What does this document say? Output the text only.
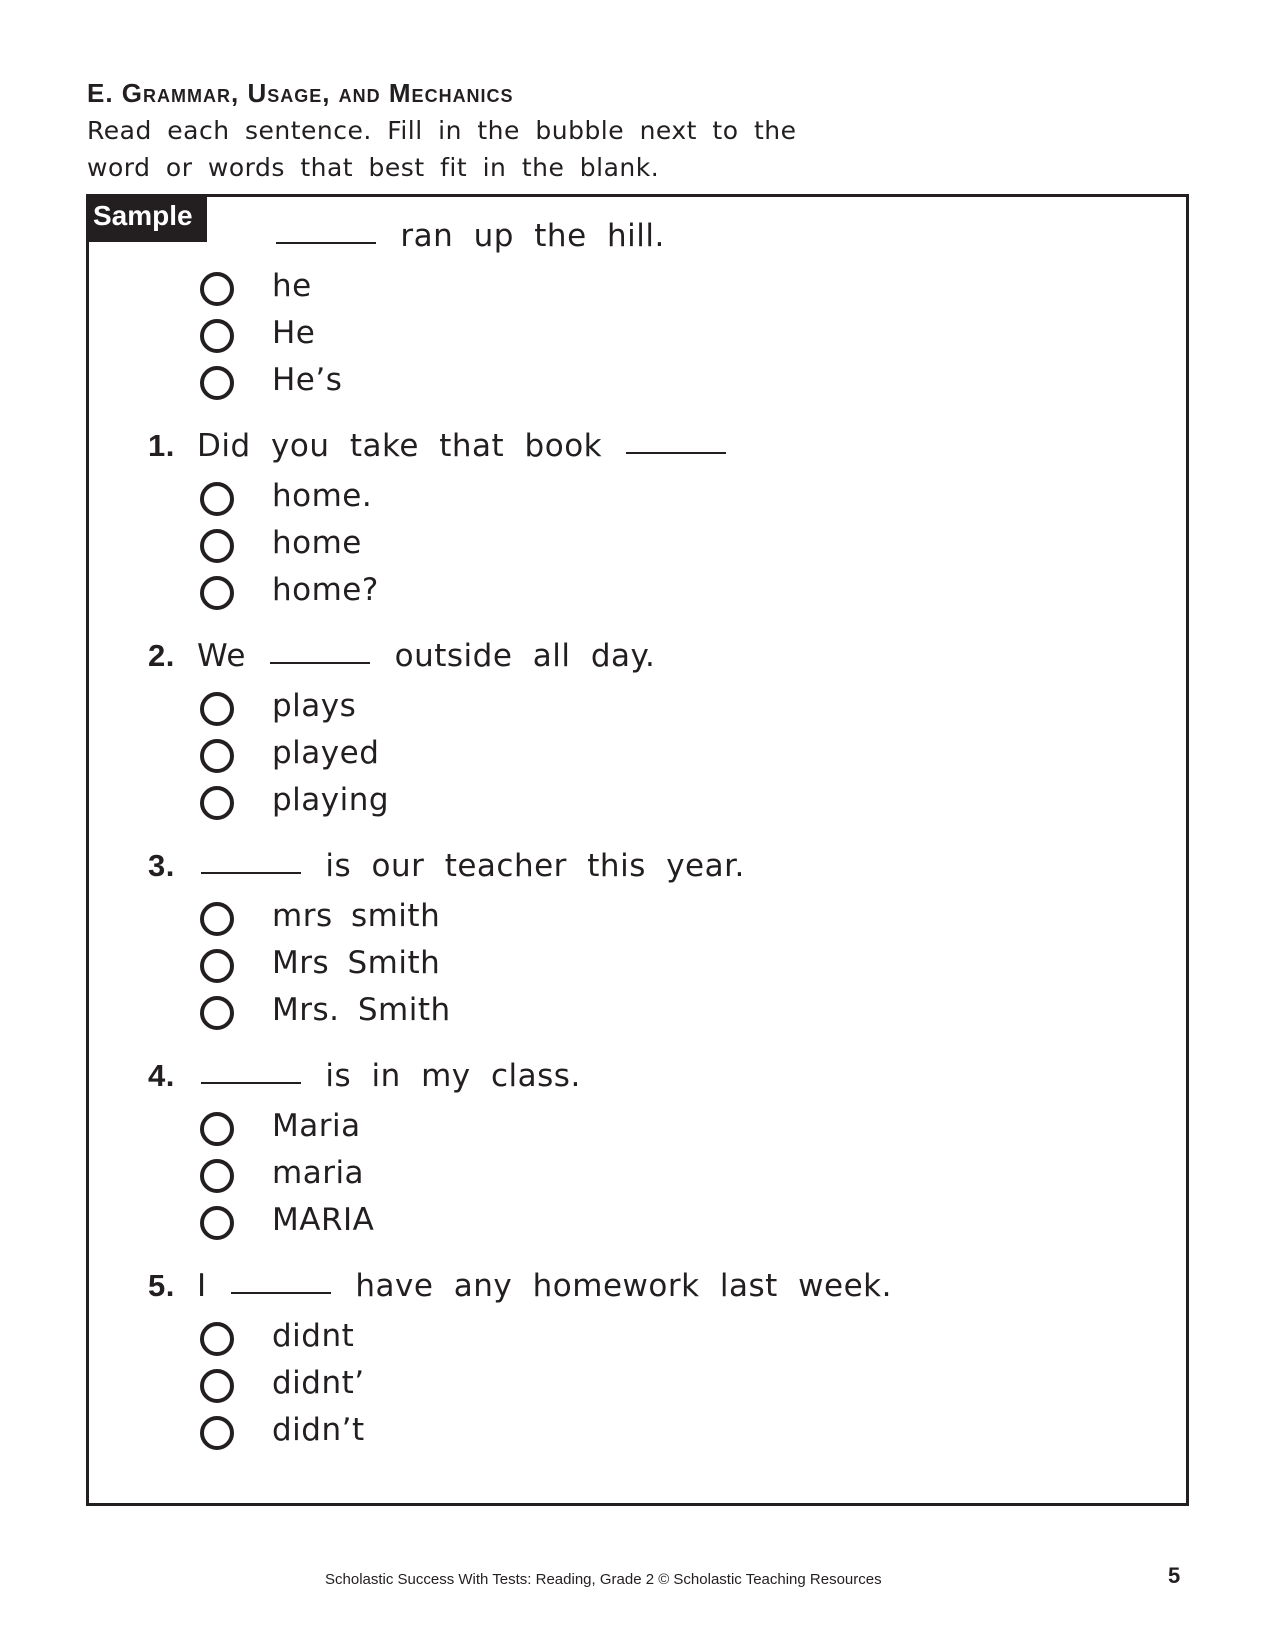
E. Grammar, Usage, and Mechanics
Read each sentence. Fill in the bubble next to the word or words that best fit in the blank.
Sample
ran up the hill.
he
He
He’s
1. Did you take that book
home.
home
home?
2. We	outside all day.
plays
played
playing
3.	is our teacher this year.
mrs smith
Mrs Smith
Mrs. Smith
4.	is in my class.
Maria
maria
MARIA
5. I	have any homework last week.
didnt
didnt’
didn’t
Scholastic Success With Tests: Reading, Grade 2 © Scholastic Teaching Resources	5
